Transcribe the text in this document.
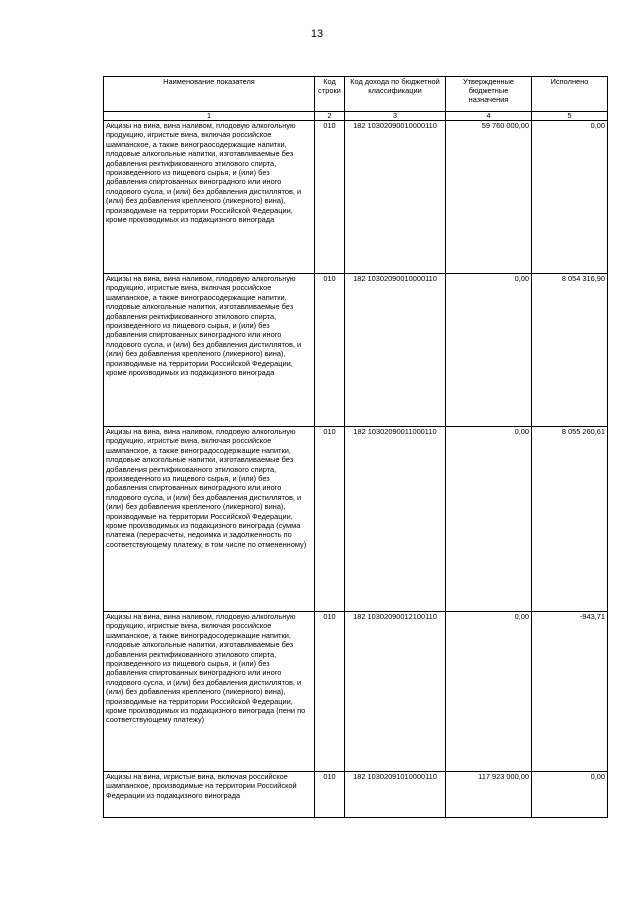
13
Наименование показателя	Код строки	Код дохода по бюджетной классификации	Утвержденные бюджетные назначения	Исполнено
1	2	3	4	5
Акцизы на вина, вина наливом, плодовую алкогольную продукцию, игристые вина, включая российское шампанское, а также винограосодержащие напитки, плодовые алкогольные напитки, изготавливаемые без добавления ректификованного этилового спирта, произведенного из пищевого сырья, и (или) без добавления спиртованных виноградного или иного плодового сусла, и (или) без добавления дистиллятов, и (или) без добавления крепленого (ликерного) вина), производимые на территории Российской Федерации, кроме производимых из подакцизного винограда	010	182 10302090010000110	59 760 000,00	0,00
Акцизы на вина, вина наливом, плодовую алкогольную продукцию, игристые вина, включая российское шампанское, а также винограосодержащие напитки, плодовые алкогольные напитки, изготавливаемые без добавления ректификованного этилового спирта, произведенного из пищевого сырья, и (или) без добавления спиртованных виноградного или иного плодового сусла, и (или) без добавления дистиллятов, и (или) без добавления крепленого (ликерного) вина), производимые на территории Российской Федерации, кроме производимых из подакцизного винограда	010	182 10302090010000110	0,00	8 054 316,90
Акцизы на вина, вина наливом, плодовую алкогольную продукцию, игристые вина, включая российское шампанское, а также виноградосодержащие напитки, плодовые алкогольные напитки, изготавливаемые без добавления ректификованного этилового спирта, произведенного из пищевого сырья, и (или) без добавления спиртованных виноградного или иного плодового сусла, и (или) без добавления дистиллятов, и (или) без добавления крепленого (ликерного) вина), производимые на территории Российской Федерации, кроме производимых из подакцизного винограда (сумма платежа (перерасчеты, недоимка и задолженность по соответствующему платежу, в том числе по отмененному)	010	182 10302090011000110	0,00	8 055 260,61
Акцизы на вина, вина наливом, плодовую алкогольную продукцию, игристые вина, включая российское шампанское, а также виноградосодержащие напитки, плодовые алкогольные напитки, изготавливаемые без добавления ректификованного этилового спирта, произведенного из пищевого сырья, и (или) без добавления спиртованных виноградного или иного плодового сусла, и (или) без добавления дистиллятов, и (или) без добавления крепленого (ликерного) вина), производимые на территории Российской Федерации, кроме производимых из подакцизного винограда (пени по соответствующему платежу)	010	182 10302090012100110	0,00	-943,71
Акцизы на вина, игристые вина, включая российское шампанское, производимые на территории Российской Федерации из подакцизного винограда	010	182 10302091010000110	117 923 000,00	0,00
